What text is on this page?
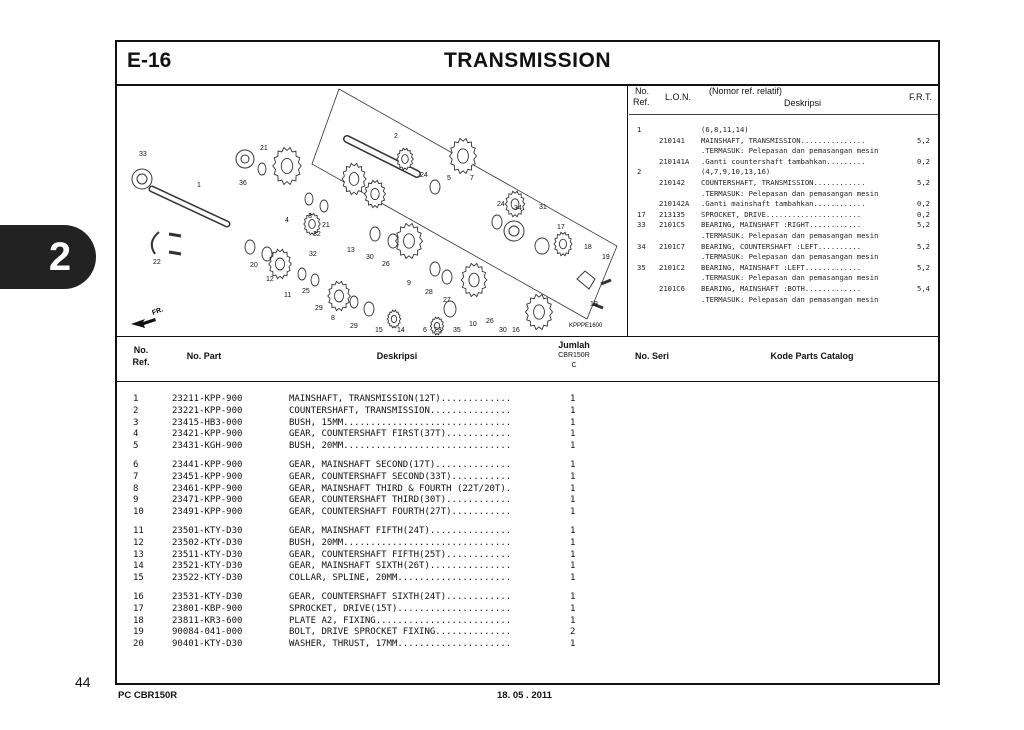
2
44
E-16	TRANSMISSION
FR.
KPPPE1600
33
21
36
1
2
4
3
21
32
32
22	20
12
11
25
29
5	7
24
34 31
17
18
19
19
13
30
26
9
28
27
8
29	10 26
30
15	23 35
14	6	16
24
No.
Ref. L.O.N.
(Nomor ref. relatif)
Deskripsi
F.R.T.
1	(6,8,11,14)
210141 MAINSHAFT, TRANSMISSION...............	5,2
.TERMASUK: Pelepasan dan pemasangan mesin
210141A .Ganti countershaft tambahkan.........	0,2
2	(4,7,9,10,13,16)
210142 COUNTERSHAFT, TRANSMISSION............	5,2
.TERMASUK: Pelepasan dan pemasangan mesin
210142A .Ganti mainshaft tambahkan............	0,2
17 213135 SPROCKET, DRIVE......................	0,2
33 2101C5 BEARING, MAINSHAFT :RIGHT............	5,2
.TERMASUK: Pelepasan dan pemasangan mesin
34 2101C7 BEARING, COUNTERSHAFT :LEFT..........	5,2
.TERMASUK: Pelepasan dan pemasangan mesin
35 2101C2 BEARING, MAINSHAFT :LEFT.............	5,2
.TERMASUK: Pelepasan dan pemasangan mesin
2101C6 BEARING, MAINSHAFT :BOTH.............	5,4
.TERMASUK: Pelepasan dan pemasangan mesin
No.
Ref.
No. Part	Deskripsi
Jumlah
CBR150R
C
No. Seri	Kode Parts Catalog
1	23211-KPP-900	MAINSHAFT, TRANSMISSION(12T).............	1
2	23221-KPP-900	COUNTERSHAFT, TRANSMISSION...............	1
3	23415-HB3-000	BUSH, 15MM...............................	1
4	23421-KPP-900	GEAR, COUNTERSHAFT FIRST(37T)............	1
5	23431-KGH-900	BUSH, 20MM...............................	1
6	23441-KPP-900	GEAR, MAINSHAFT SECOND(17T)..............	1
7	23451-KPP-900	GEAR, COUNTERSHAFT SECOND(33T)...........	1
8	23461-KPP-900	GEAR, MAINSHAFT THIRD & FOURTH (22T/20T).	1
9	23471-KPP-900	GEAR, COUNTERSHAFT THIRD(30T)............	1
10	23491-KPP-900	GEAR, COUNTERSHAFT FOURTH(27T)...........	1
11	23501-KTY-D30	GEAR, MAINSHAFT FIFTH(24T)...............	1
12	23502-KTY-D30	BUSH, 20MM...............................	1
13	23511-KTY-D30	GEAR, COUNTERSHAFT FIFTH(25T)............	1
14	23521-KTY-D30	GEAR, MAINSHAFT SIXTH(26T)...............	1
15	23522-KTY-D30	COLLAR, SPLINE, 20MM.....................	1
16	23531-KTY-D30	GEAR, COUNTERSHAFT SIXTH(24T)............	1
17	23801-KBP-900	SPROCKET, DRIVE(15T).....................	1
18	23811-KR3-600	PLATE A2, FIXING.........................	1
19	90084-041-000	BOLT, DRIVE SPROCKET FIXING..............	2
20	90401-KTY-D30	WASHER, THRUST, 17MM.....................	1
PC CBR150R	18. 05 . 2011
